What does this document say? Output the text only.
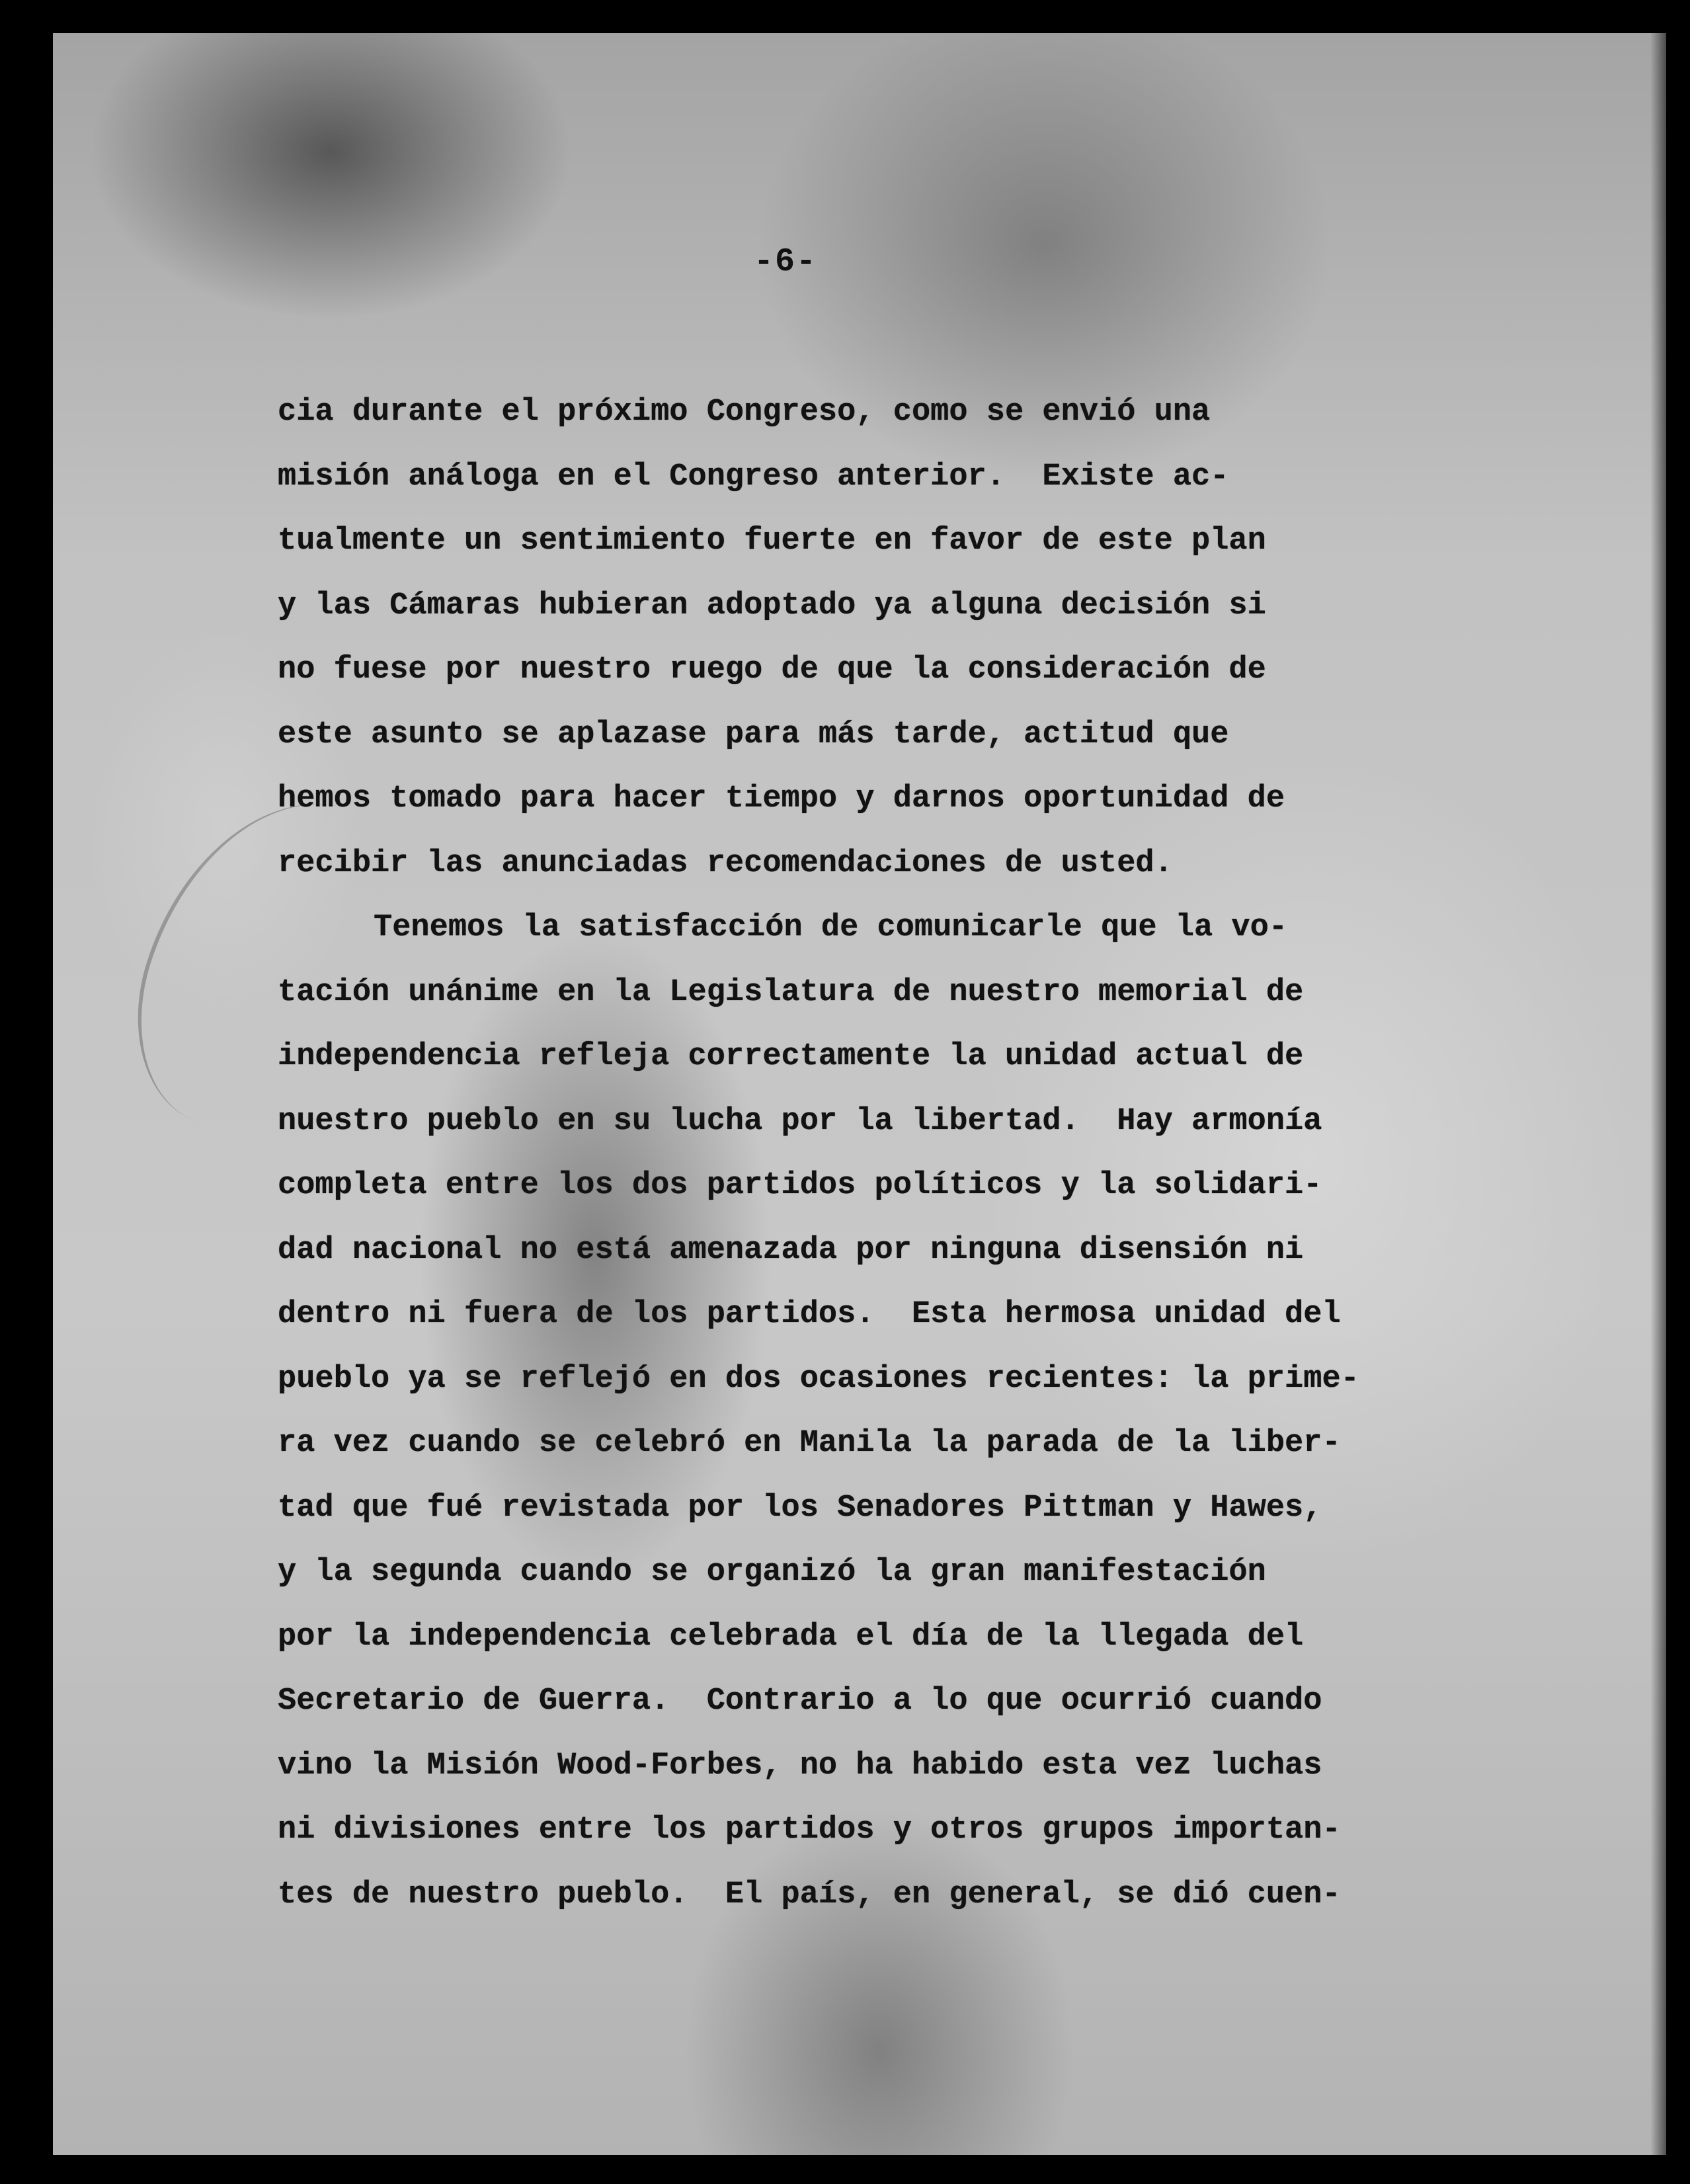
-6-
cia durante el próximo Congreso, como se envió una
misión análoga en el Congreso anterior.  Existe ac-
tualmente un sentimiento fuerte en favor de este plan
y las Cámaras hubieran adoptado ya alguna decisión si
no fuese por nuestro ruego de que la consideración de
este asunto se aplazase para más tarde, actitud que
hemos tomado para hacer tiempo y darnos oportunidad de
recibir las anunciadas recomendaciones de usted.
Tenemos la satisfacción de comunicarle que la vo-
tación unánime en la Legislatura de nuestro memorial de
independencia refleja correctamente la unidad actual de
nuestro pueblo en su lucha por la libertad.  Hay armonía
completa entre los dos partidos políticos y la solidari-
dad nacional no está amenazada por ninguna disensión ni
dentro ni fuera de los partidos.  Esta hermosa unidad del
pueblo ya se reflejó en dos ocasiones recientes: la prime-
ra vez cuando se celebró en Manila la parada de la liber-
tad que fué revistada por los Senadores Pittman y Hawes,
y la segunda cuando se organizó la gran manifestación
por la independencia celebrada el día de la llegada del
Secretario de Guerra.  Contrario a lo que ocurrió cuando
vino la Misión Wood-Forbes, no ha habido esta vez luchas
ni divisiones entre los partidos y otros grupos importan-
tes de nuestro pueblo.  El país, en general, se dió cuen-
